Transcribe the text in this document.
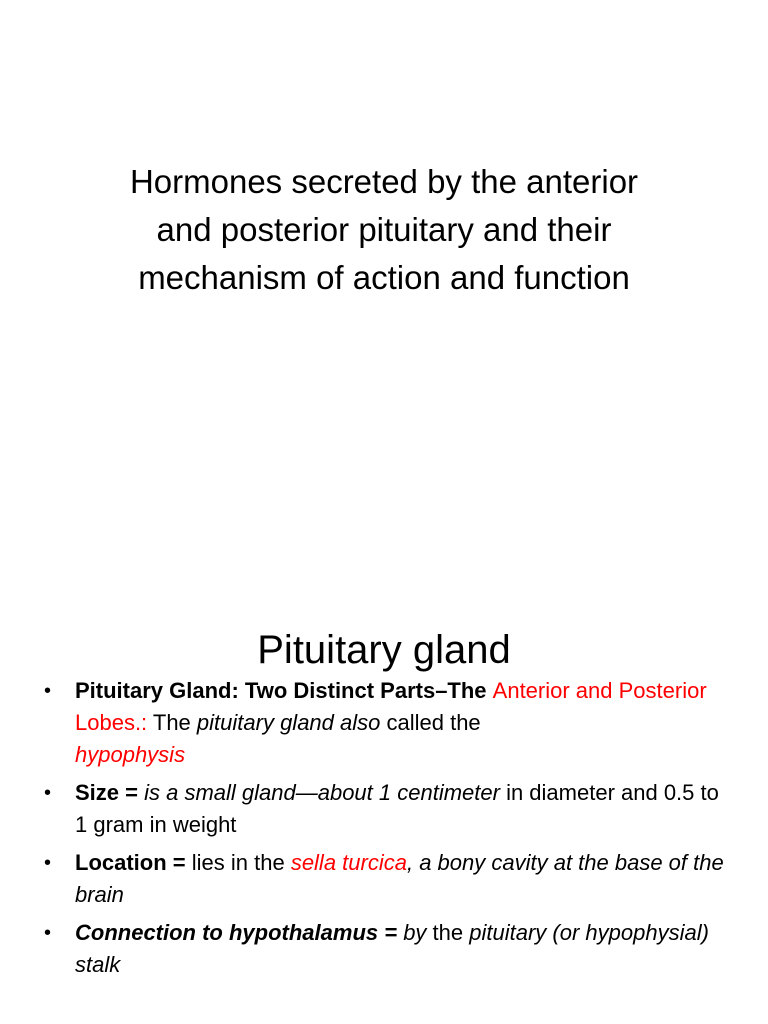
Hormones secreted by the anterior
and posterior pituitary and their
mechanism of action and function
Pituitary gland
• Pituitary Gland: Two Distinct Parts–The Anterior and Posterior Lobes.: The pituitary gland also called the
hypophysis
• Size = is a small gland—about 1 centimeter in diameter and 0.5 to 1 gram in weight
• Location = lies in the sella turcica, a bony cavity at the base of the brain
• Connection to hypothalamus = by the pituitary (or hypophysial) stalk
